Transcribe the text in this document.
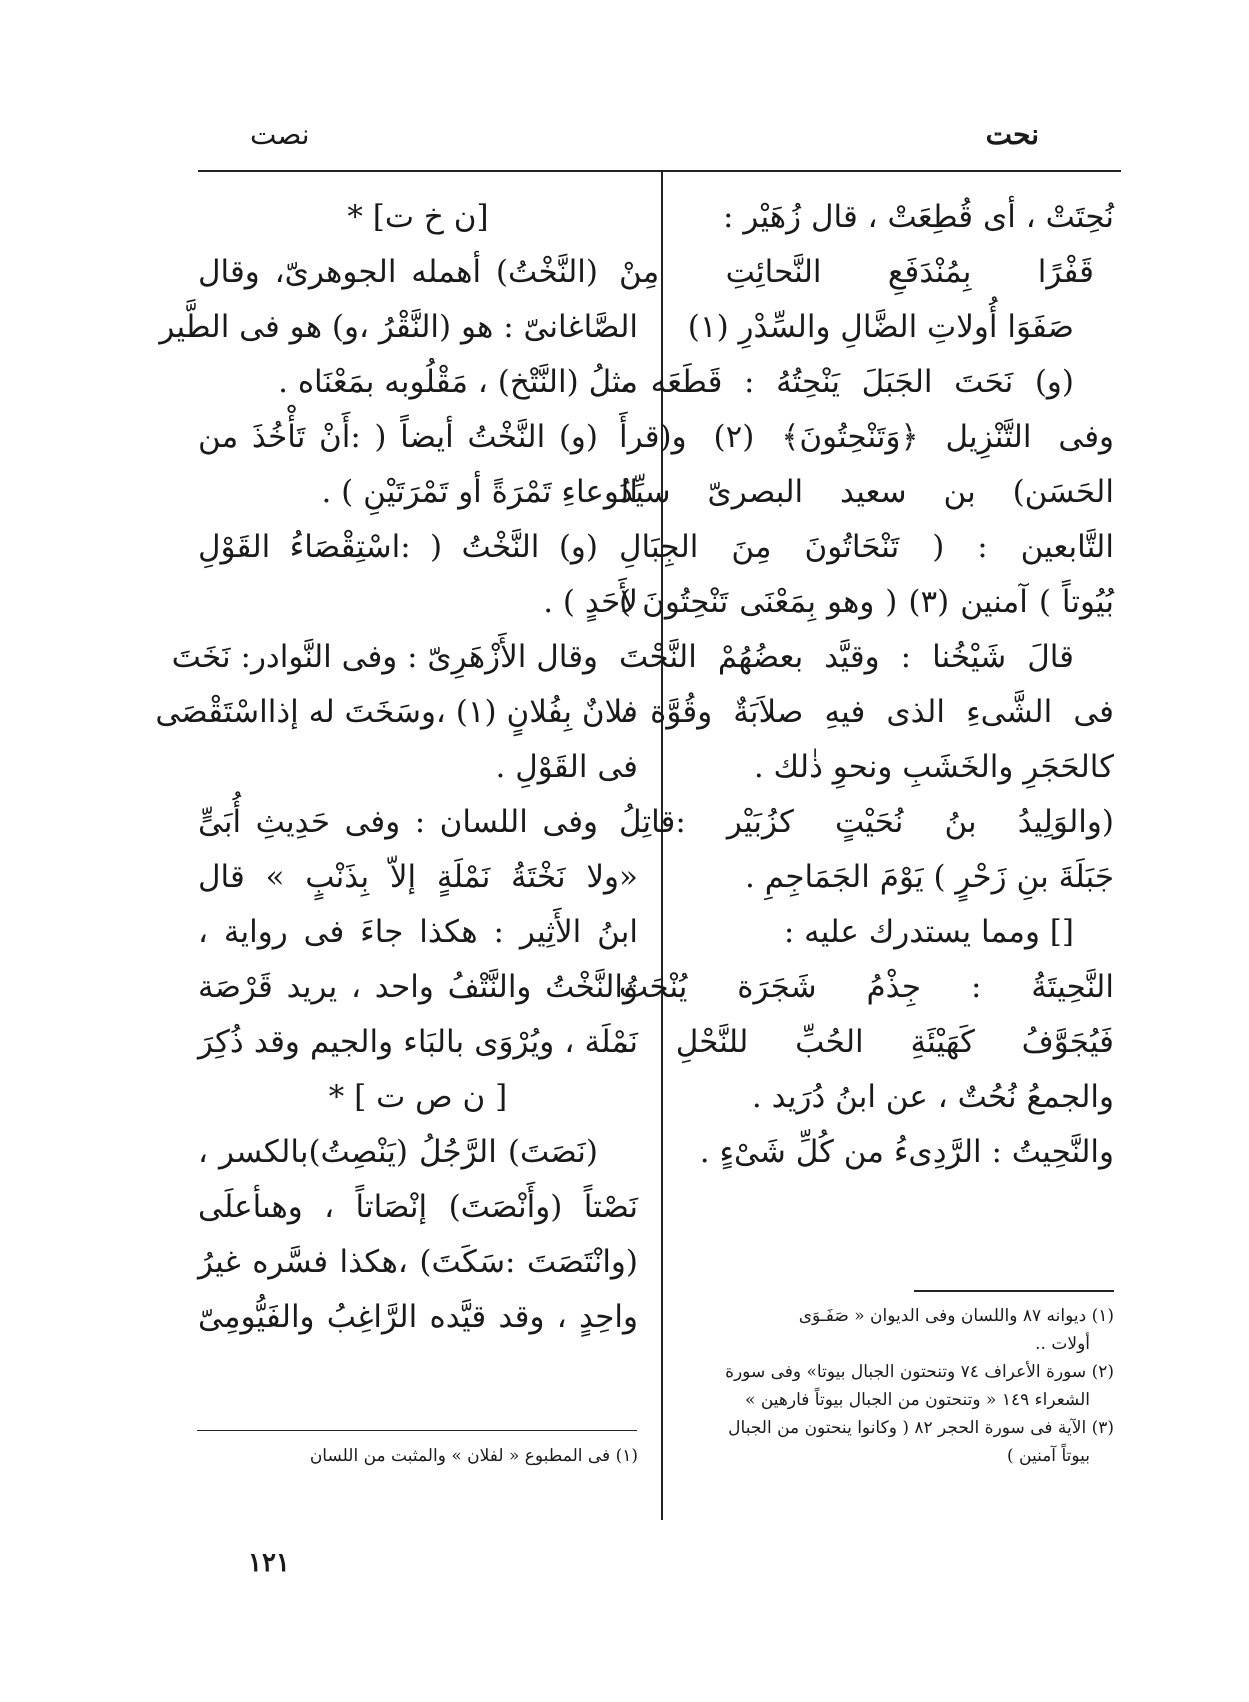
نحت
نصت
نُحِتَتْ ، أى قُطِعَتْ ، قال زُهَيْر :
قَفْرًا بِمُنْدَفَعِ النَّحائِتِ مِنْ
صَفَوَا أُولاتِ الضَّالِ والسِّدْرِ (١)
(و) نَحَتَ الجَبَلَ يَنْحِتُهُ : قَطَعَه ،
وفى التَّنْزِيل ﴿وَتَنْحِتُونَ﴾ (٢) و(قرأَ
الحَسَن) بن سعيد البصرىّ سيِّدُ
التَّابعين : ( تَنْحَاتُونَ مِنَ الجِبَالِ
بُيُوتاً ) آمنين (٣) ( وهو بِمَعْنَى تَنْحِتُونَ )
قالَ شَيْخُنا : وقيَّد بعضُهُمْ النَّحْتَ
فى الشَّىءِ الذى فيهِ صلاَبَةٌ وقُوَّة ،
كالحَجَرِ والخَشَبِ ونحوِ ذٰلك .
(والوَلِيدُ بنُ نُحَيْتٍ كزُبَيْر :قاتِلُ
جَبَلَةَ بنِ زَحْرٍ ) يَوْمَ الجَمَاجِمِ .
[] ومما يستدرك عليه :
النَّحِيتَةُ : جِذْمُ شَجَرَة يُنْحَتُ
فَيُجَوَّفُ كَهَيْئَةِ الحُبِّ للنَّحْلِ ،
والجمعُ نُحُتٌ ، عن ابنُ دُرَيد .
والنَّحِيتُ : الرَّدِىءُ من كُلِّ شَىْءٍ .
(١) ديوانه ٨٧ واللسان وفى الديوان « صَفَـوَى
أولات ..
(٢) سورة الأعراف ٧٤ وتنحتون الجبال بيوتا» وفى سورة
الشعراء ١٤٩ « وتنحتون من الجبال بيوتاً فارهين »
(٣) الآية فى سورة الحجر ٨٢ ( وكانوا ينحتون من الجبال
بيوتاً آمنين )
[ن خ ت] *
(النَّخْتُ) أهمله الجوهرىّ، وقال
الصَّاغانىّ : هو (النَّقْرُ ،و) هو فى الطَّير
مثلُ (النَّتْخ) ، مَقْلُوبه بمَعْنَاه .
(و) النَّخْتُ أيضاً ( :أَنْ تَأْخُذَ من
الوعاءِ تَمْرَةً أو تَمْرَتَيْنِ ) .
(و) النَّخْتُ ( :اسْتِقْصَاءُ القَوْلِ
لأَحَدٍ ) .
وقال الأَزْهَرِىّ : وفى النَّوادر: نَخَتَ
فلانٌ بِفُلانٍ (١) ،وسَخَتَ له إذااسْتَقْصَى
فى القَوْلِ .
وفى اللسان : وفى حَدِيثِ أُبَىٍّ
«ولا نَخْتَةُ نَمْلَةٍ إلاّ بِذَنْبٍ » قال
ابنُ الأَثِير : هكذا جاءَ فى رواية ،
والنَّخْتُ والنَّتْفُ واحد ، يريد قَرْصَة
نَمْلَة ، ويُرْوَى بالبَاء والجيم وقد ذُكِرَ
[ ن ص ت ] *
(نَصَتَ) الرَّجُلُ (يَنْصِتُ)بالكسر ،
نَصْتاً (وأَنْصَتَ) إنْصَاتاً ، وهىأعلَى
(وانْتَصَتَ :سَكَتَ) ،هكذا فسَّره غيرُ
واحِدٍ ، وقد قيَّده الرَّاغِبُ والفَيُّومِىّ
(١) فى المطبوع « لفلان » والمثبت من اللسان
١٢١
